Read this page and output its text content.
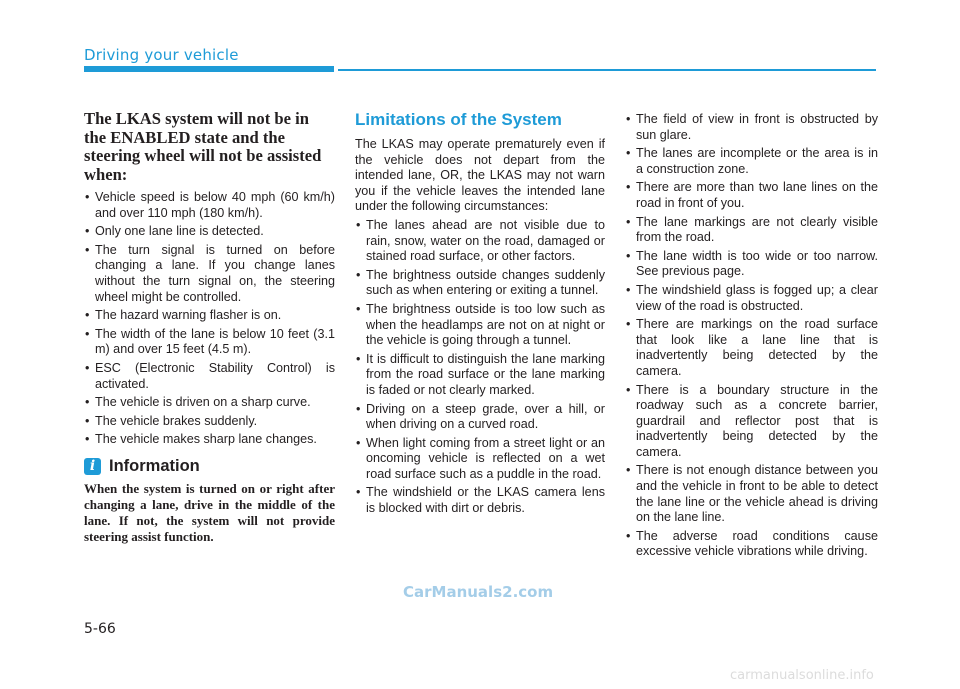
Driving your vehicle
The LKAS system will not be in the ENABLED state and the steering wheel will not be assisted when:
• Vehicle speed is below 40 mph (60 km/h) and over 110 mph (180 km/h).
• Only one lane line is detected.
• The turn signal is turned on before changing a lane. If you change lanes without the turn signal on, the steering wheel might be controlled.
• The hazard warning flasher is on.
• The width of the lane is below 10 feet (3.1 m) and over 15 feet (4.5 m).
• ESC (Electronic Stability Control) is activated.
• The vehicle is driven on a sharp curve.
• The vehicle brakes suddenly.
• The vehicle makes sharp lane changes.
i Information
When the system is turned on or right after changing a lane, drive in the middle of the lane. If not, the system will not provide steering assist function.
Limitations of the System
The LKAS may operate prematurely even if the vehicle does not depart from the intended lane, OR, the LKAS may not warn you if the vehicle leaves the intended lane under the following circumstances:
• The lanes ahead are not visible due to rain, snow, water on the road, damaged or stained road surface, or other factors.
• The brightness outside changes suddenly such as when entering or exiting a tunnel.
• The brightness outside is too low such as when the headlamps are not on at night or the vehicle is going through a tunnel.
• It is difficult to distinguish the lane marking from the road surface or the lane marking is faded or not clearly marked.
• Driving on a steep grade, over a hill, or when driving on a curved road.
• When light coming from a street light or an oncoming vehicle is reflected on a wet road surface such as a puddle in the road.
• The windshield or the LKAS camera lens is blocked with dirt or debris.
• The field of view in front is obstructed by sun glare.
• The lanes are incomplete or the area is in a construction zone.
• There are more than two lane lines on the road in front of you.
• The lane markings are not clearly visible from the road.
• The lane width is too wide or too narrow. See previous page.
• The windshield glass is fogged up; a clear view of the road is obstructed.
• There are markings on the road surface that look like a lane line that is inadvertently being detected by the camera.
• There is a boundary structure in the roadway such as a concrete barrier, guardrail and reflector post that is inadvertently being detected by the camera.
• There is not enough distance between you and the vehicle in front to be able to detect the lane line or the vehicle ahead is driving on the lane line.
• The adverse road conditions cause excessive vehicle vibrations while driving.
CarManuals2.com
5-66
carmanualsonline.info
